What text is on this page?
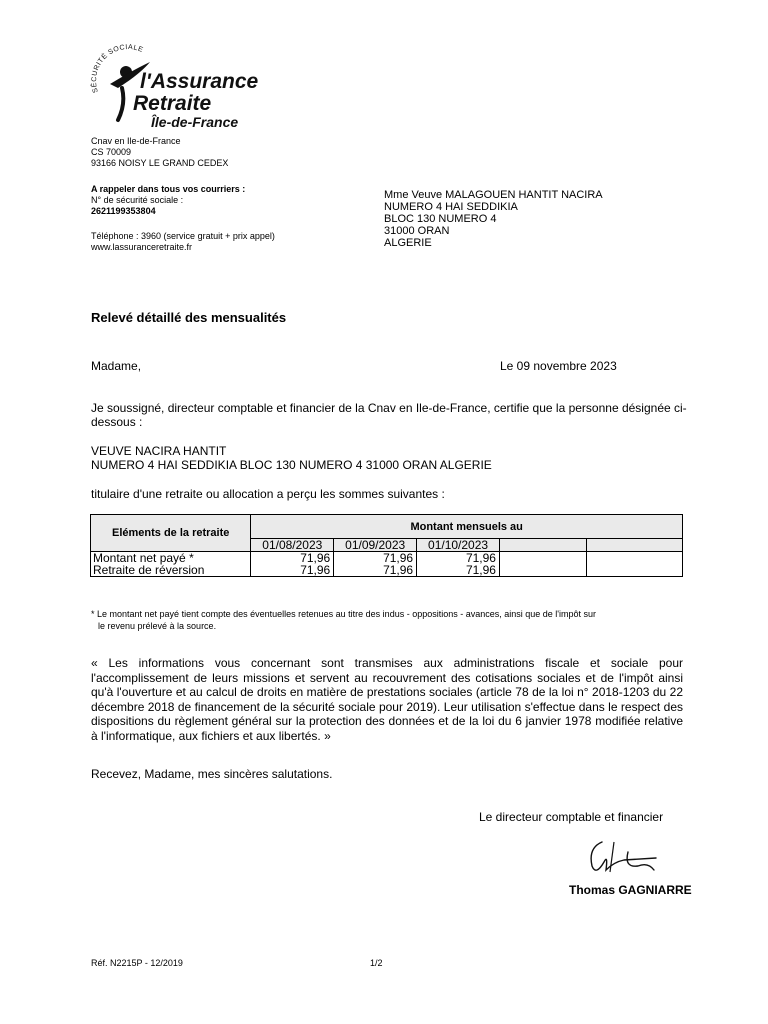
SÉCURITÉ SOCIALE
l'Assurance
Retraite
Île-de-France
Cnav en Ile-de-France
CS 70009
93166 NOISY LE GRAND CEDEX
A rappeler dans tous vos courriers :
N° de sécurité sociale :
2621199353804
Téléphone : 3960 (service gratuit + prix appel)
www.lassuranceretraite.fr
Mme Veuve MALAGOUEN HANTIT NACIRA
NUMERO 4 HAI SEDDIKIA
BLOC 130 NUMERO 4
31000 ORAN
ALGERIE
Relevé détaillé des mensualités
Madame,	Le 09 novembre 2023
Je soussigné, directeur comptable et financier de la Cnav en Ile-de-France, certifie que la personne désignée ci-dessous :
VEUVE NACIRA HANTIT
NUMERO 4 HAI SEDDIKIA BLOC 130 NUMERO 4 31000 ORAN ALGERIE
titulaire d'une retraite ou allocation a perçu les sommes suivantes :
Eléments de la retraite	Montant mensuels au				
	01/08/2023	01/09/2023	01/10/2023		
Montant net payé *	71,96	71,96	71,96		
Retraite de réversion	71,96	71,96	71,96		
* Le montant net payé tient compte des éventuelles retenues au titre des indus - oppositions - avances, ainsi que de l'impôt sur
le revenu prélevé à la source.
« Les informations vous concernant sont transmises aux administrations fiscale et sociale pour l'accomplissement de leurs missions et servent au recouvrement des cotisations sociales et de l'impôt ainsi qu'à l'ouverture et au calcul de droits en matière de prestations sociales (article 78 de la loi n° 2018-1203 du 22 décembre 2018 de financement de la sécurité sociale pour 2019). Leur utilisation s'effectue dans le respect des dispositions du règlement général sur la protection des données et de la loi du 6 janvier 1978 modifiée relative à l'informatique, aux fichiers et aux libertés. »
Recevez, Madame, mes sincères salutations.
Le directeur comptable et financier
Thomas GAGNIARRE
Réf. N2215P - 12/2019	1/2
